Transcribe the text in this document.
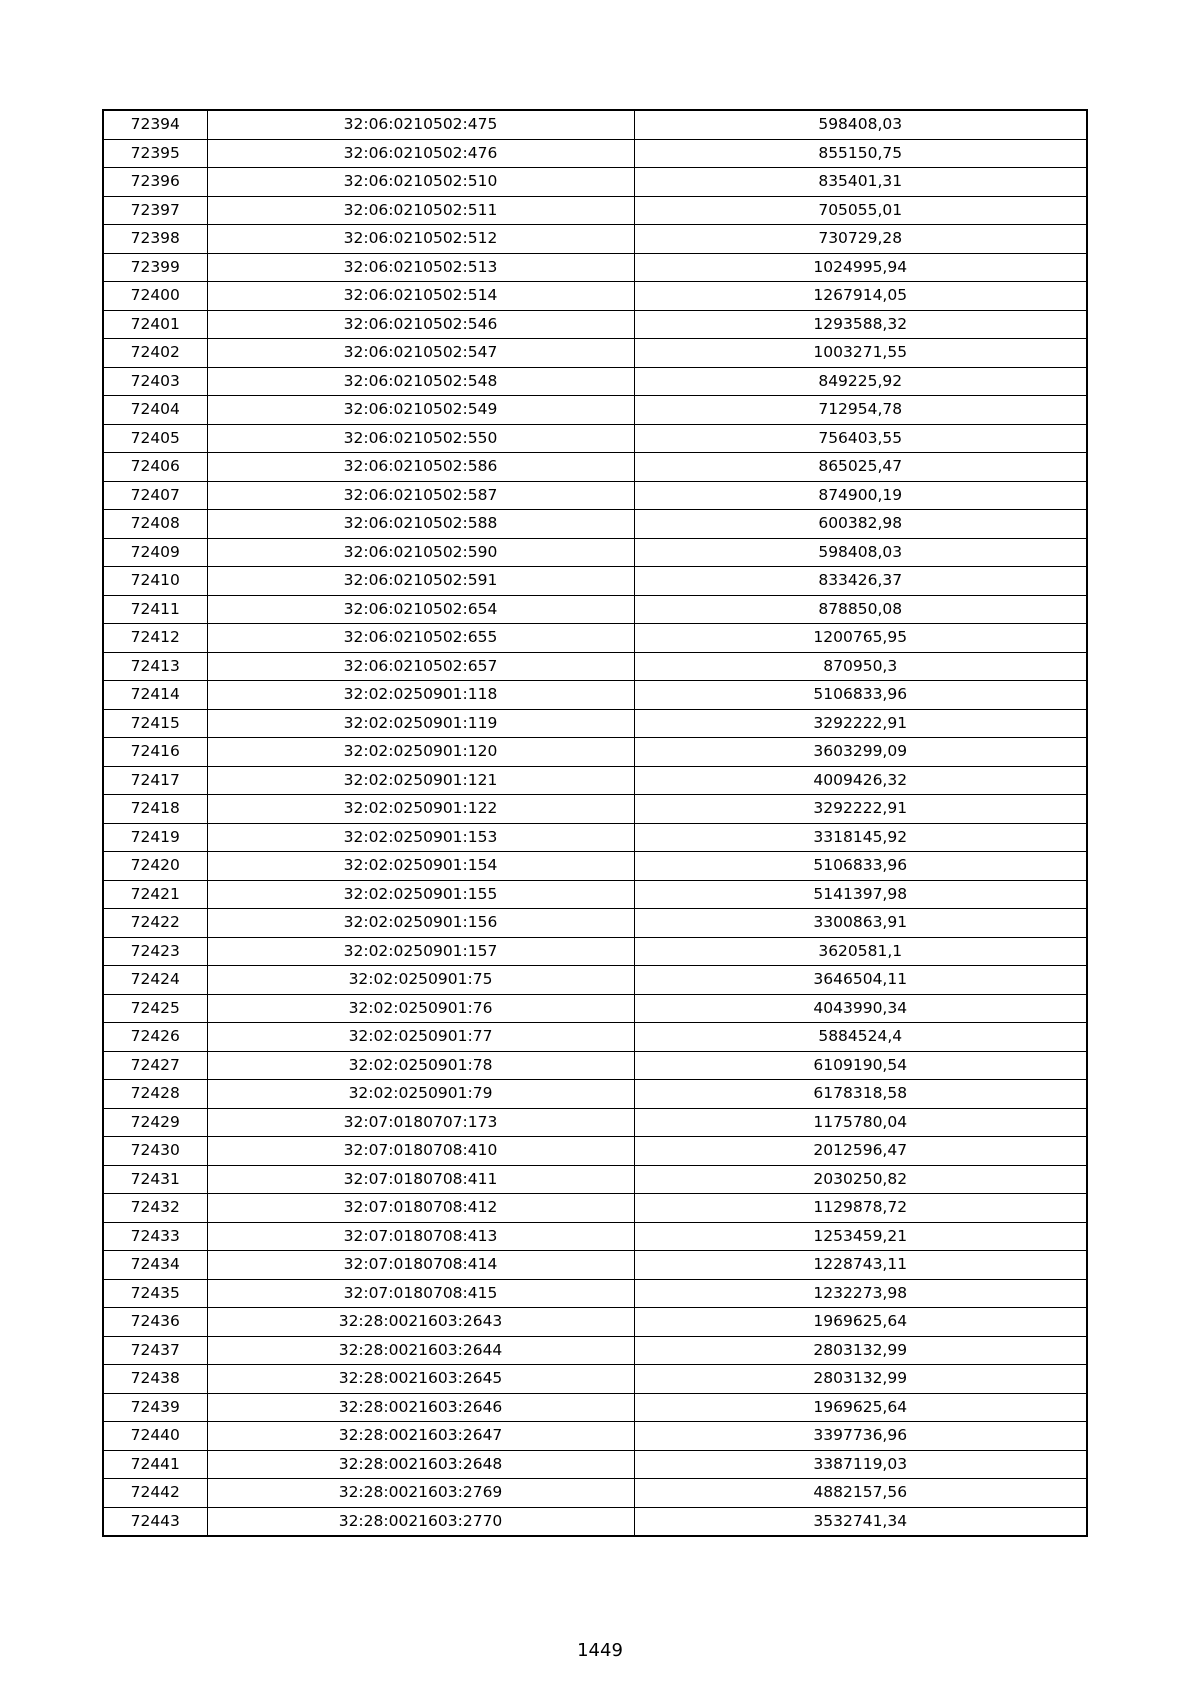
72394	32:06:0210502:475	598408,03
72395	32:06:0210502:476	855150,75
72396	32:06:0210502:510	835401,31
72397	32:06:0210502:511	705055,01
72398	32:06:0210502:512	730729,28
72399	32:06:0210502:513	1024995,94
72400	32:06:0210502:514	1267914,05
72401	32:06:0210502:546	1293588,32
72402	32:06:0210502:547	1003271,55
72403	32:06:0210502:548	849225,92
72404	32:06:0210502:549	712954,78
72405	32:06:0210502:550	756403,55
72406	32:06:0210502:586	865025,47
72407	32:06:0210502:587	874900,19
72408	32:06:0210502:588	600382,98
72409	32:06:0210502:590	598408,03
72410	32:06:0210502:591	833426,37
72411	32:06:0210502:654	878850,08
72412	32:06:0210502:655	1200765,95
72413	32:06:0210502:657	870950,3
72414	32:02:0250901:118	5106833,96
72415	32:02:0250901:119	3292222,91
72416	32:02:0250901:120	3603299,09
72417	32:02:0250901:121	4009426,32
72418	32:02:0250901:122	3292222,91
72419	32:02:0250901:153	3318145,92
72420	32:02:0250901:154	5106833,96
72421	32:02:0250901:155	5141397,98
72422	32:02:0250901:156	3300863,91
72423	32:02:0250901:157	3620581,1
72424	32:02:0250901:75	3646504,11
72425	32:02:0250901:76	4043990,34
72426	32:02:0250901:77	5884524,4
72427	32:02:0250901:78	6109190,54
72428	32:02:0250901:79	6178318,58
72429	32:07:0180707:173	1175780,04
72430	32:07:0180708:410	2012596,47
72431	32:07:0180708:411	2030250,82
72432	32:07:0180708:412	1129878,72
72433	32:07:0180708:413	1253459,21
72434	32:07:0180708:414	1228743,11
72435	32:07:0180708:415	1232273,98
72436	32:28:0021603:2643	1969625,64
72437	32:28:0021603:2644	2803132,99
72438	32:28:0021603:2645	2803132,99
72439	32:28:0021603:2646	1969625,64
72440	32:28:0021603:2647	3397736,96
72441	32:28:0021603:2648	3387119,03
72442	32:28:0021603:2769	4882157,56
72443	32:28:0021603:2770	3532741,34
1449
